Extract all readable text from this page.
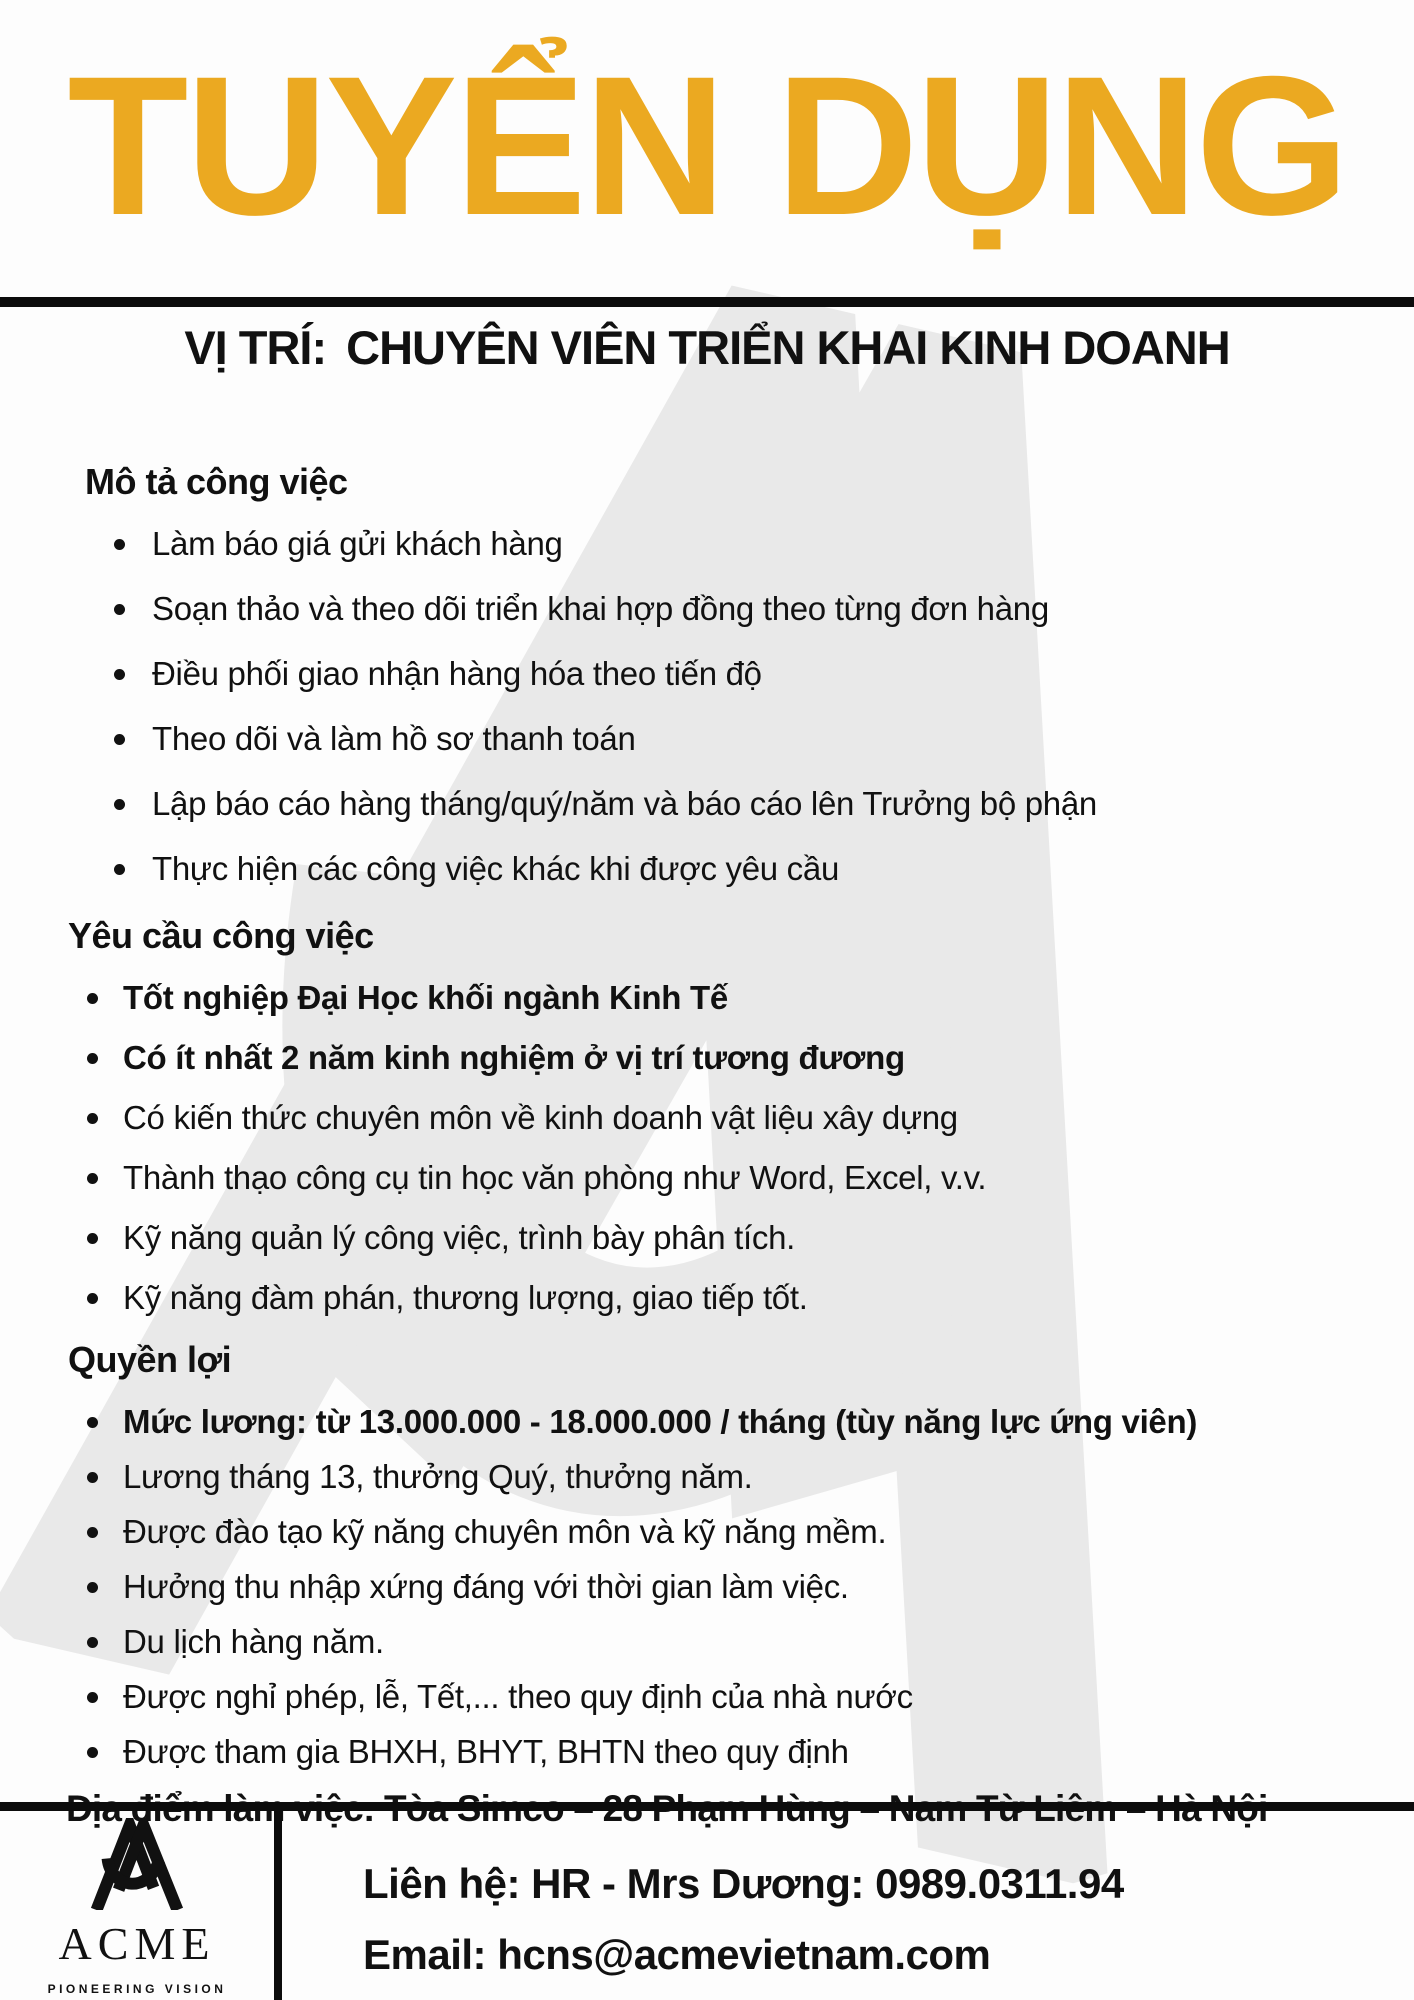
TUYỂN DỤNG
VỊ TRÍ: CHUYÊN VIÊN TRIỂN KHAI KINH DOANH
Mô tả công việc
Làm báo giá gửi khách hàng
Soạn thảo và theo dõi triển khai hợp đồng theo từng đơn hàng
Điều phối giao nhận hàng hóa theo tiến độ
Theo dõi và làm hồ sơ thanh toán
Lập báo cáo hàng tháng/quý/năm và báo cáo lên Trưởng bộ phận
Thực hiện các công việc khác khi được yêu cầu
Yêu cầu công việc
Tốt nghiệp Đại Học khối ngành Kinh Tế
Có ít nhất 2 năm kinh nghiệm ở vị trí tương đương
Có kiến thức chuyên môn về kinh doanh vật liệu xây dựng
Thành thạo công cụ tin học văn phòng như Word, Excel, v.v.
Kỹ năng quản lý công việc, trình bày phân tích.
Kỹ năng đàm phán, thương lượng, giao tiếp tốt.
Quyền lợi
Mức lương: từ 13.000.000 - 18.000.000 / tháng (tùy năng lực ứng viên)
Lương tháng 13, thưởng Quý, thưởng năm.
Được đào tạo kỹ năng chuyên môn và kỹ năng mềm.
Hưởng thu nhập xứng đáng với thời gian làm việc.
Du lịch hàng năm.
Được nghỉ phép, lễ, Tết,... theo quy định của nhà nước
Được tham gia BHXH, BHYT, BHTN theo quy định
ACME
PIONEERING VISION
Liên hệ: HR - Mrs Dương: 0989.0311.94
Email: hcns@acmevietnam.com
